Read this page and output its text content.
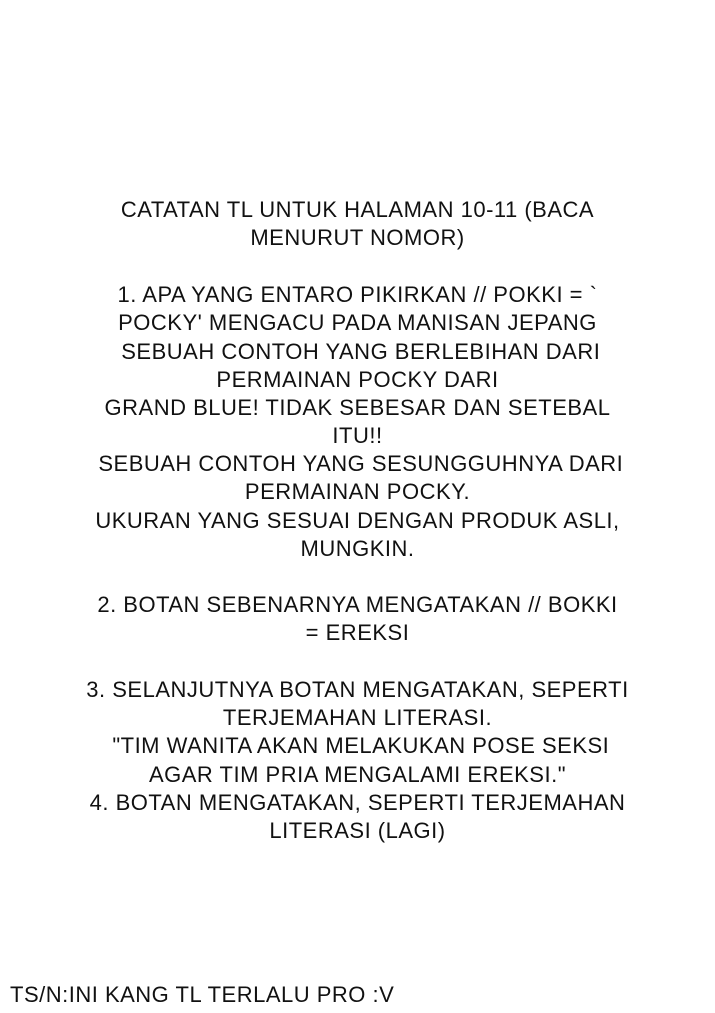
CATATAN TL UNTUK HALAMAN 10-11 (BACA
MENURUT NOMOR)
1. APA YANG ENTARO PIKIRKAN // POKKI = `
POCKY' MENGACU PADA MANISAN JEPANG
SEBUAH CONTOH YANG BERLEBIHAN DARI
PERMAINAN POCKY DARI
GRAND BLUE! TIDAK SEBESAR DAN SETEBAL
ITU!!
SEBUAH CONTOH YANG SESUNGGUHNYA DARI
PERMAINAN POCKY.
UKURAN YANG SESUAI DENGAN PRODUK ASLI,
MUNGKIN.
2. BOTAN SEBENARNYA MENGATAKAN // BOKKI
= EREKSI
3. SELANJUTNYA BOTAN MENGATAKAN, SEPERTI
TERJEMAHAN LITERASI.
"TIM WANITA AKAN MELAKUKAN POSE SEKSI
AGAR TIM PRIA MENGALAMI EREKSI."
4. BOTAN MENGATAKAN, SEPERTI TERJEMAHAN
LITERASI (LAGI)
TS/N:INI KANG TL TERLALU PRO :V
